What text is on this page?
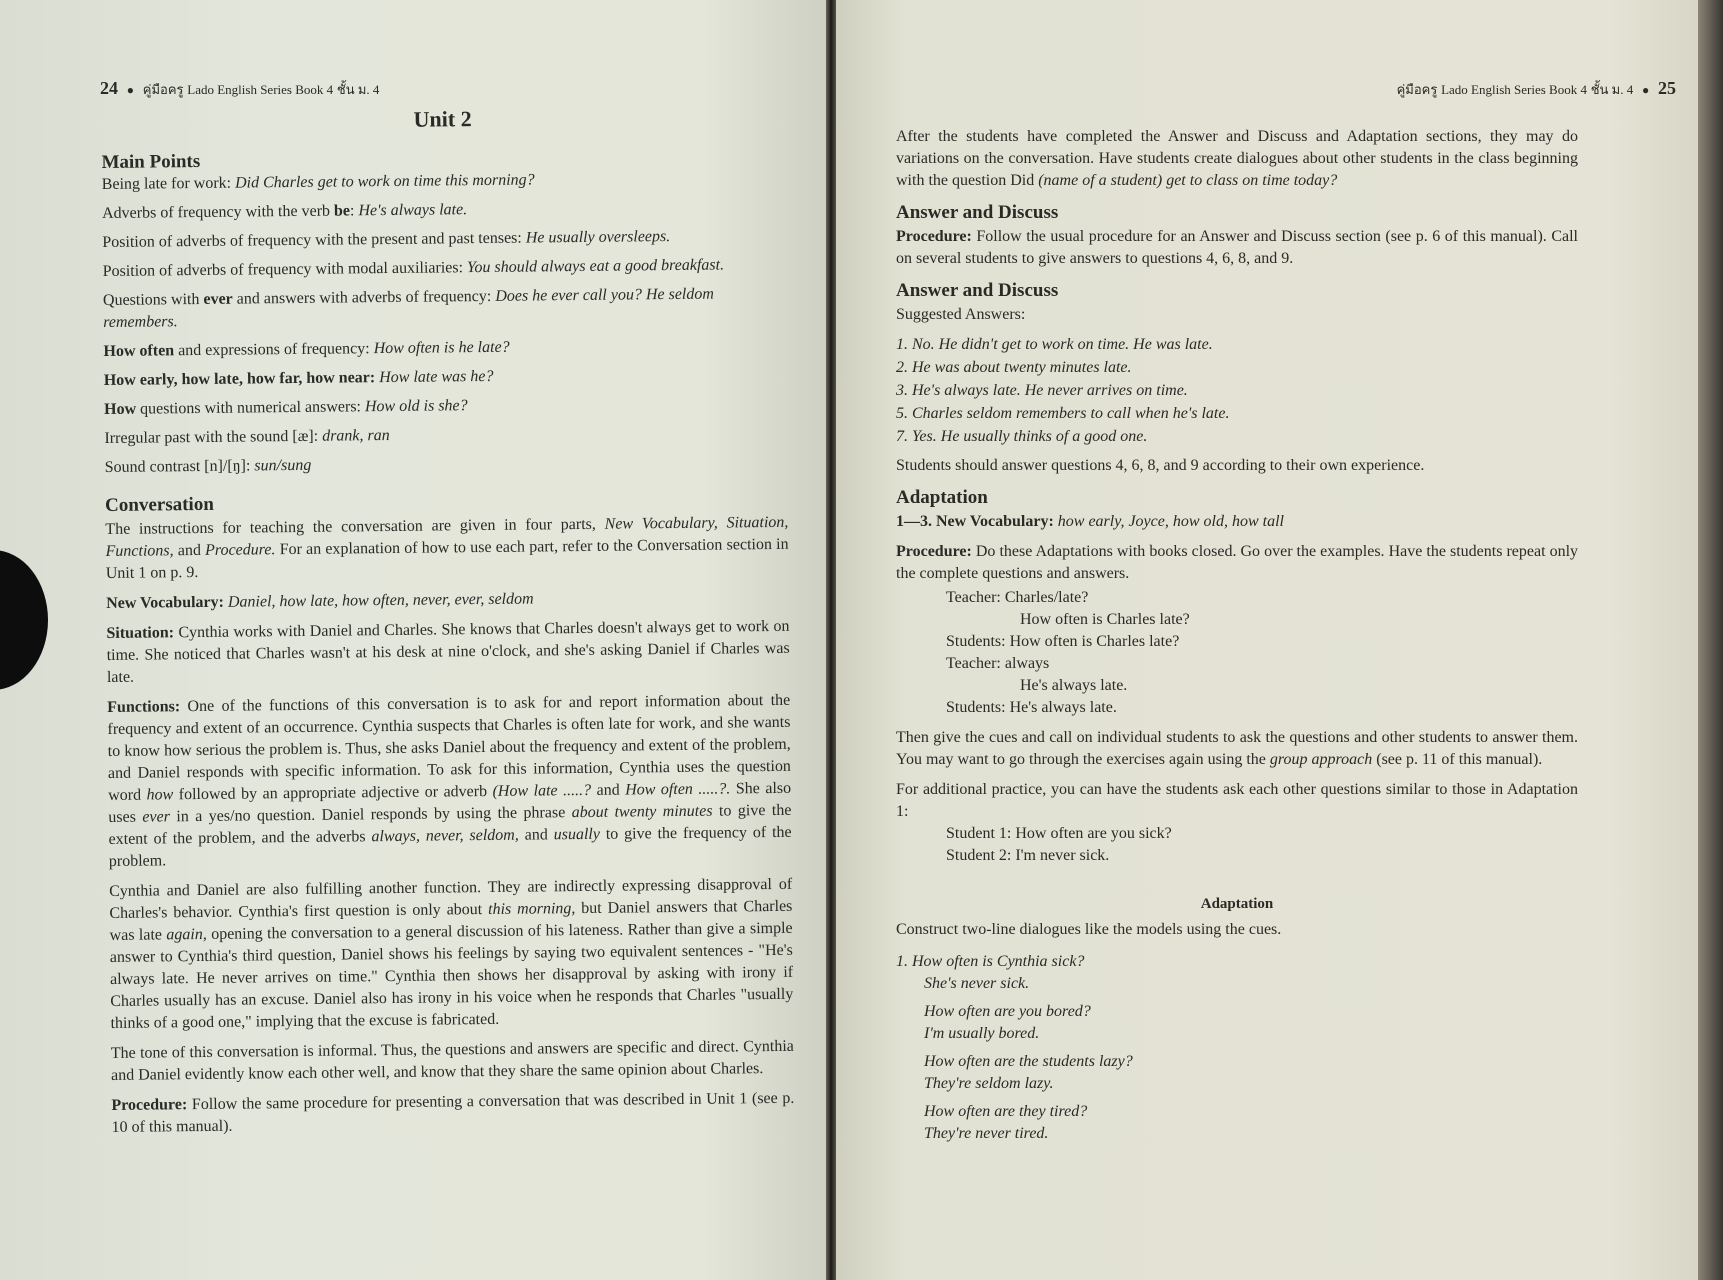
24 ● คู่มือครู Lado English Series Book 4 ชั้น ม. 4
Unit 2
Main Points

Being late for work: Did Charles get to work on time this morning?

Adverbs of frequency with the verb be: He's always late.

Position of adverbs of frequency with the present and past tenses: He usually oversleeps.

Position of adverbs of frequency with modal auxiliaries: You should always eat a good breakfast.

Questions with ever and answers with adverbs of frequency: Does he ever call you? He seldom remembers.

How often and expressions of frequency: How often is he late?

How early, how late, how far, how near: How late was he?

How questions with numerical answers: How old is she?

Irregular past with the sound [æ]: drank, ran

Sound contrast [n]/[ŋ]: sun/sung

Conversation

The instructions for teaching the conversation are given in four parts, New Vocabulary, Situation, Functions, and Procedure. For an explanation of how to use each part, refer to the Conversation section in Unit 1 on p. 9.

New Vocabulary: Daniel, how late, how often, never, ever, seldom

Situation: Cynthia works with Daniel and Charles. She knows that Charles doesn't always get to work on time. She noticed that Charles wasn't at his desk at nine o'clock, and she's asking Daniel if Charles was late.

Functions: One of the functions of this conversation is to ask for and report information about the frequency and extent of an occurrence. Cynthia suspects that Charles is often late for work, and she wants to know how serious the problem is. Thus, she asks Daniel about the frequency and extent of the problem, and Daniel responds with specific information. To ask for this information, Cynthia uses the question word how followed by an appropriate adjective or adverb (How late .....? and How often .....?. She also uses ever in a yes/no question. Daniel responds by using the phrase about twenty minutes to give the extent of the problem, and the adverbs always, never, seldom, and usually to give the frequency of the problem.

Cynthia and Daniel are also fulfilling another function. They are indirectly expressing disapproval of Charles's behavior. Cynthia's first question is only about this morning, but Daniel answers that Charles was late again, opening the conversation to a general discussion of his lateness. Rather than give a simple answer to Cynthia's third question, Daniel shows his feelings by saying two equivalent sentences - "He's always late. He never arrives on time." Cynthia then shows her disapproval by asking with irony if Charles usually has an excuse. Daniel also has irony in his voice when he responds that Charles "usually thinks of a good one," implying that the excuse is fabricated.

The tone of this conversation is informal. Thus, the questions and answers are specific and direct. Cynthia and Daniel evidently know each other well, and know that they share the same opinion about Charles.

Procedure: Follow the same procedure for presenting a conversation that was described in Unit 1 (see p. 10 of this manual).

คู่มือครู Lado English Series Book 4 ชั้น ม. 4 ● 25

After the students have completed the Answer and Discuss and Adaptation sections, they may do variations on the conversation. Have students create dialogues about other students in the class beginning with the question Did (name of a student) get to class on time today?

Answer and Discuss

Procedure: Follow the usual procedure for an Answer and Discuss section (see p. 6 of this manual). Call on several students to give answers to questions 4, 6, 8, and 9.

Answer and Discuss

Suggested Answers:

1. No. He didn't get to work on time. He was late.

2. He was about twenty minutes late.

3. He's always late. He never arrives on time.

5. Charles seldom remembers to call when he's late.

7. Yes. He usually thinks of a good one.

Students should answer questions 4, 6, 8, and 9 according to their own experience.

Adaptation

1—3. New Vocabulary: how early, Joyce, how old, how tall

Procedure: Do these Adaptations with books closed. Go over the examples. Have the students repeat only the complete questions and answers.

Teacher: Charles/late?
How often is Charles late?
Students: How often is Charles late?
Teacher: always
He's always late.
Students: He's always late.

Then give the cues and call on individual students to ask the questions and other students to answer them. You may want to go through the exercises again using the group approach (see p. 11 of this manual).

For additional practice, you can have the students ask each other questions similar to those in Adaptation 1:

Student 1: How often are you sick?
Student 2: I'm never sick.
Adaptation

Construct two-line dialogues like the models using the cues.

1. How often is Cynthia sick?
She's never sick.
How often are you bored?
I'm usually bored.
How often are the students lazy?
They're seldom lazy.
How often are they tired?
They're never tired.
